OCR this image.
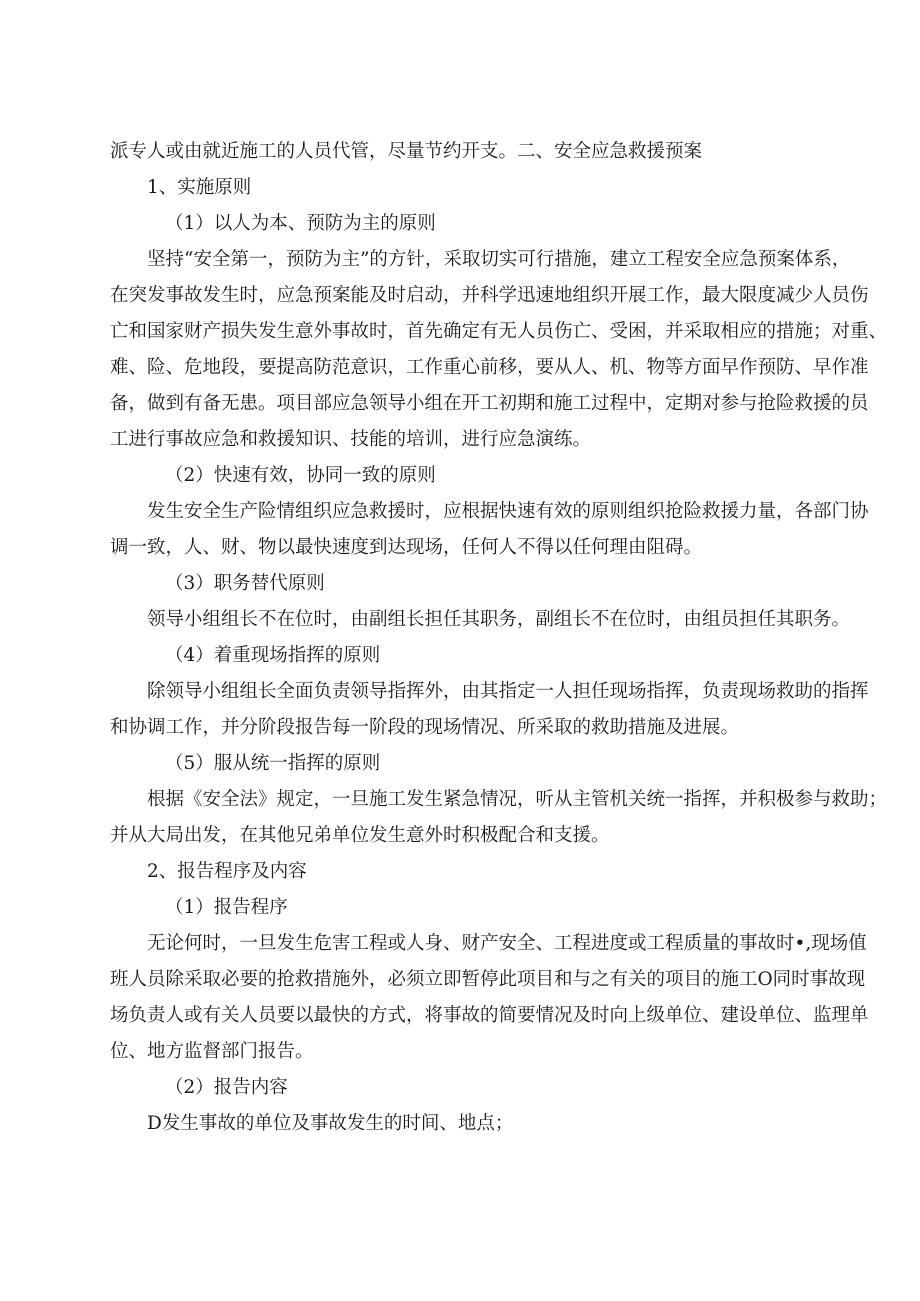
派专人或由就近施工的人员代管，尽量节约开支。二、安全应急救援预案

1、实施原则

（1）以人为本、预防为主的原则

坚持“安全第一，预防为主”的方针，采取切实可行措施，建立工程安全应急预案体系，
在突发事故发生时，应急预案能及时启动，并科学迅速地组织开展工作，最大限度减少人员伤
亡和国家财产损失发生意外事故时，首先确定有无人员伤亡、受困，并采取相应的措施；对重、
难、险、危地段，要提高防范意识，工作重心前移，要从人、机、物等方面早作预防、早作准
备，做到有备无患。项目部应急领导小组在开工初期和施工过程中，定期对参与抢险救援的员
工进行事故应急和救援知识、技能的培训，进行应急演练。

（2）快速有效，协同一致的原则

发生安全生产险情组织应急救援时，应根据快速有效的原则组织抢险救援力量，各部门协
调一致，人、财、物以最快速度到达现场，任何人不得以任何理由阻碍。

（3）职务替代原则

领导小组组长不在位时，由副组长担任其职务，副组长不在位时，由组员担任其职务。

（4）着重现场指挥的原则

除领导小组组长全面负责领导指挥外，由其指定一人担任现场指挥，负责现场救助的指挥
和协调工作，并分阶段报告每一阶段的现场情况、所采取的救助措施及进展。

（5）服从统一指挥的原则

根据《安全法》规定，一旦施工发生紧急情况，听从主管机关统一指挥，并积极参与救助；
并从大局出发，在其他兄弟单位发生意外时积极配合和支援。

2、报告程序及内容

（1）报告程序

无论何时，一旦发生危害工程或人身、财产安全、工程进度或工程质量的事故时•,现场值
班人员除采取必要的抢救措施外，必须立即暂停此项目和与之有关的项目的施工O同时事故现
场负责人或有关人员要以最快的方式，将事故的简要情况及时向上级单位、建设单位、监理单
位、地方监督部门报告。

（2）报告内容

D发生事故的单位及事故发生的时间、地点；
